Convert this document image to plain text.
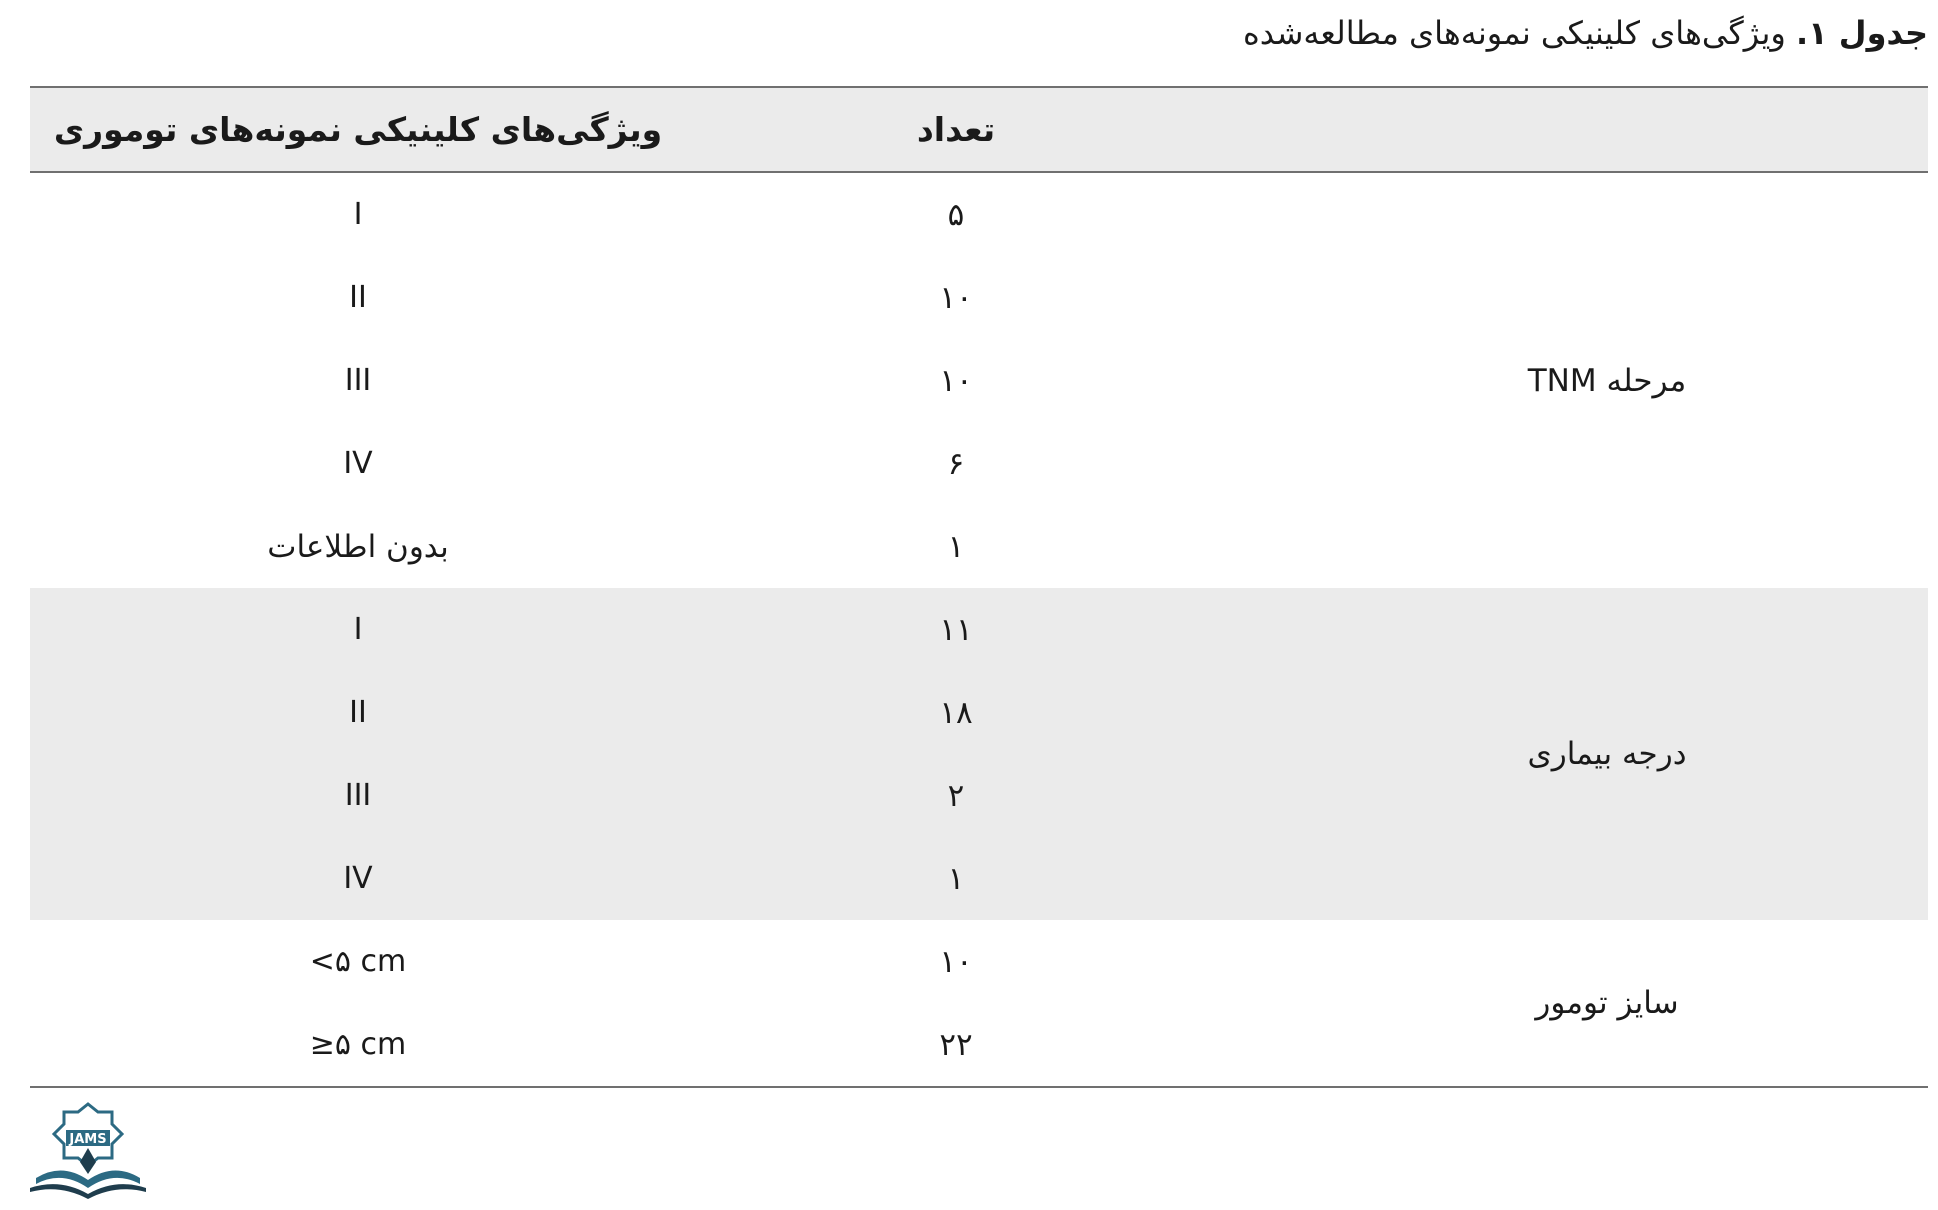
جدول ۱. ویژگی‌های کلینیکی نمونه‌های مطالعه‌شده
	تعداد	ویژگی‌های کلینیکی نمونه‌های توموری
مرحله TNM	۵	I
	۱۰	II
	۱۰	III
	۶	IV
	۱	بدون اطلاعات
درجه بیماری	۱۱	I
	۱۸	II
	۲	III
	۱	IV
سایز تومور	۱۰	<۵ cm
	۲۲	≥۵ cm
JAMS
